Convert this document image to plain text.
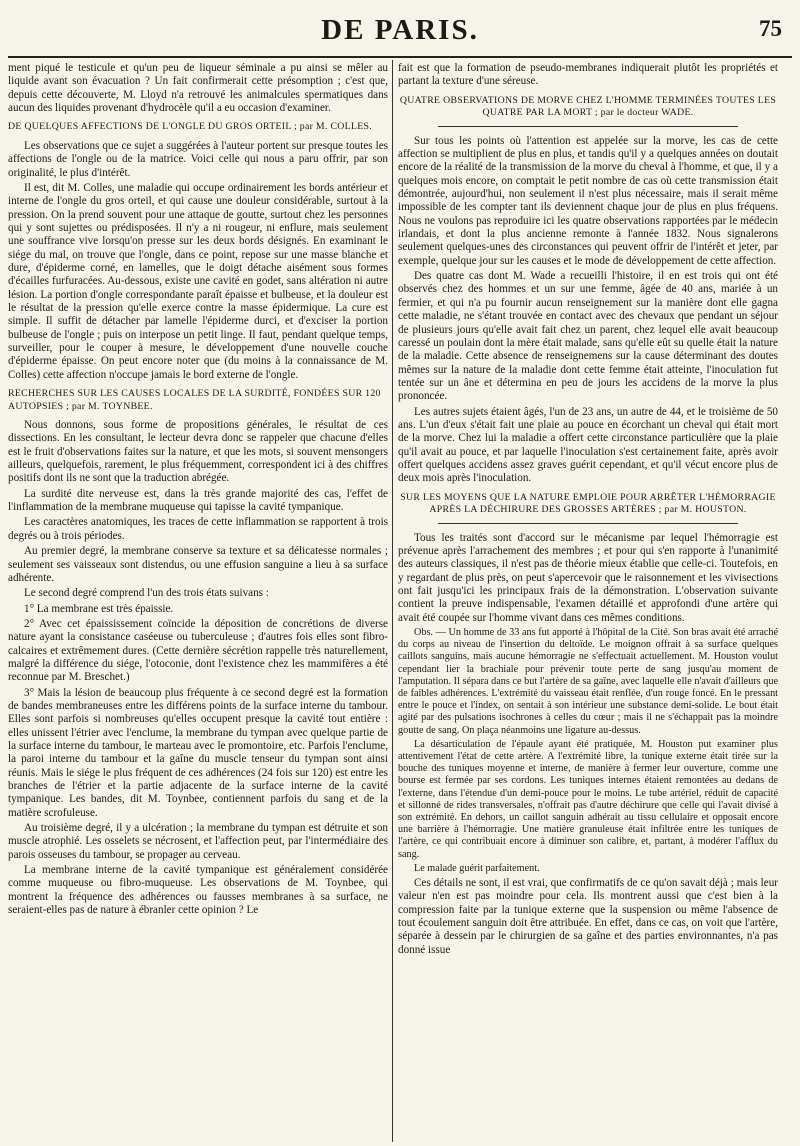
DE PARIS.	75

ment piqué le testicule et qu'un peu de liqueur séminale a pu ainsi se mêler au liquide avant son évacuation ? Un fait confirmerait cette présomption ; c'est que, depuis cette découverte, M. Lloyd n'a retrouvé les animalcules spermatiques dans aucun des liquides provenant d'hydrocèle qu'il a eu occasion d'examiner.

DE QUELQUES AFFECTIONS DE L'ONGLE DU GROS ORTEIL ; par M. COLLES.

Les observations que ce sujet a suggérées à l'auteur portent sur presque toutes les affections de l'ongle ou de la matrice. Voici celle qui nous a paru offrir, par son originalité, le plus d'intérêt.

Il est, dit M. Colles, une maladie qui occupe ordinairement les bords antérieur et interne de l'ongle du gros orteil, et qui cause une douleur considérable, surtout à la pression. On la prend souvent pour une attaque de goutte, surtout chez les personnes qui y sont sujettes ou prédisposées. Il n'y a ni rougeur, ni enflure, mais seulement une souffrance vive lorsqu'on presse sur les deux bords désignés. En examinant le siége du mal, on trouve que l'ongle, dans ce point, repose sur une masse blanche et dure, d'épiderme corné, en lamelles, que le doigt détache aisément sous formes d'écailles furfuracées. Au-dessous, existe une cavité en godet, sans altération ni autre lésion. La portion d'ongle correspondante paraît épaisse et bulbeuse, et la douleur est le résultat de la pression qu'elle exerce contre la masse épidermique. La cure est simple. Il suffit de détacher par lamelle l'épiderme durci, et d'exciser la portion bulbeuse de l'ongle ; puis on interpose un petit linge. Il faut, pendant quelque temps, surveiller, pour le couper à mesure, le développement d'une nouvelle couche d'épiderme épaisse. On peut encore noter que (du moins à la connaissance de M. Colles) cette affection n'occupe jamais le bord externe de l'ongle.

RECHERCHES SUR LES CAUSES LOCALES DE LA SURDITÉ, FONDÉES SUR 120 AUTOPSIES ; par M. TOYNBEE.

Nous donnons, sous forme de propositions générales, le résultat de ces dissections. En les consultant, le lecteur devra donc se rappeler que chacune d'elles est le fruit d'observations faites sur la nature, et que les mots, si souvent mensongers ailleurs, quelquefois, rarement, le plus fréquemment, correspondent ici à des chiffres positifs dont ils ne sont que la traduction abrégée.

La surdité dite nerveuse est, dans la très grande majorité des cas, l'effet de l'inflammation de la membrane muqueuse qui tapisse la cavité tympanique.

Les caractères anatomiques, les traces de cette inflammation se rapportent à trois degrés ou à trois périodes.

Au premier degré, la membrane conserve sa texture et sa délicatesse normales ; seulement ses vaisseaux sont distendus, ou une effusion sanguine a lieu à sa surface adhérente.

Le second degré comprend l'un des trois états suivans :

1° La membrane est très épaissie.

2° Avec cet épaississement coïncide la déposition de concrétions de diverse nature ayant la consistance caséeuse ou tuberculeuse ; d'autres fois elles sont fibro-calcaires et extrêmement dures. (Cette dernière sécrétion rappelle très naturellement, malgré la différence du siége, l'otoconie, dont l'existence chez les mammifères a été reconnue par M. Breschet.)

3° Mais la lésion de beaucoup plus fréquente à ce second degré est la formation de bandes membraneuses entre les différens points de la surface interne du tambour. Elles sont parfois si nombreuses qu'elles occupent presque la cavité tout entière : elles unissent l'étrier avec l'enclume, la membrane du tympan avec quelque partie de la surface interne du tambour, le marteau avec le promontoire, etc. Parfois l'enclume, la paroi interne du tambour et la gaîne du muscle tenseur du tympan sont ainsi réunis. Mais le siége le plus fréquent de ces adhérences (24 fois sur 120) est entre les branches de l'étrier et la partie adjacente de la surface interne de la cavité tympanique. Les bandes, dit M. Toynbee, contiennent parfois du sang et de la matière scrofuleuse.

Au troisième degré, il y a ulcération ; la membrane du tympan est détruite et son muscle atrophié. Les osselets se nécrosent, et l'affection peut, par l'intermédiaire des parois osseuses du tambour, se propager au cerveau.

La membrane interne de la cavité tympanique est généralement considérée comme muqueuse ou fibro-muqueuse. Les observations de M. Toynbee, qui montrent la fréquence des adhérences ou fausses membranes à sa surface, ne seraient-elles pas de nature à ébranler cette opinion ? Le

fait est que la formation de pseudo-membranes indiquerait plutôt les propriétés et partant la texture d'une séreuse.

QUATRE OBSERVATIONS DE MORVE CHEZ L'HOMME TERMINÉES TOUTES LES QUATRE PAR LA MORT ; par le docteur WADE.

Sur tous les points où l'attention est appelée sur la morve, les cas de cette affection se multiplient de plus en plus, et tandis qu'il y a quelques années on doutait encore de la réalité de la transmission de la morve du cheval à l'homme, et que, il y a quelques mois encore, on comptait le petit nombre de cas où cette transmission était démontrée, aujourd'hui, non seulement il n'est plus nécessaire, mais il serait même impossible de les compter tant ils deviennent chaque jour de plus en plus fréquens. Nous ne voulons pas reproduire ici les quatre observations rapportées par le médecin irlandais, et dont la plus ancienne remonte à l'année 1832. Nous signalerons seulement quelques-unes des circonstances qui peuvent offrir de l'intérêt et jeter, par exemple, quelque jour sur les causes et le mode de développement de cette affection.

Des quatre cas dont M. Wade a recueilli l'histoire, il en est trois qui ont été observés chez des hommes et un sur une femme, âgée de 40 ans, mariée à un fermier, et qui n'a pu fournir aucun renseignement sur la manière dont elle gagna cette maladie, ne s'étant trouvée en contact avec des chevaux que pendant un séjour de plusieurs jours qu'elle avait fait chez un parent, chez lequel elle avait beaucoup caressé un poulain dont la mère était malade, sans qu'elle eût su quelle était la nature de la maladie. Cette absence de renseignemens sur la cause déterminant des doutes mêmes sur la nature de la maladie dont cette femme était atteinte, l'inoculation fut tentée sur un âne et détermina en peu de jours les accidens de la morve la plus prononcée.

Les autres sujets étaient âgés, l'un de 23 ans, un autre de 44, et le troisième de 50 ans. L'un d'eux s'était fait une plaie au pouce en écorchant un cheval qui était mort de la morve. Chez lui la maladie a offert cette circonstance particulière que la plaie qu'il avait au pouce, et par laquelle l'inoculation s'est certainement faite, après avoir offert quelques accidens assez graves guérit cependant, et qu'il vécut encore plus de deux mois après l'inoculation.

SUR LES MOYENS QUE LA NATURE EMPLOIE POUR ARRÊTER L'HÉMORRAGIE APRÈS LA DÉCHIRURE DES GROSSES ARTÈRES ; par M. HOUSTON.

Tous les traités sont d'accord sur le mécanisme par lequel l'hémorragie est prévenue après l'arrachement des membres ; et pour qui s'en rapporte à l'unanimité des auteurs classiques, il n'est pas de théorie mieux établie que celle-ci. Toutefois, en y regardant de plus près, on peut s'apercevoir que le raisonnement et les vivisections ont fait jusqu'ici les principaux frais de la démonstration. L'observation suivante contient la preuve indispensable, l'examen détaillé et approfondi d'une artère qui avait été coupée sur l'homme vivant dans ces mêmes conditions.

Obs. — Un homme de 33 ans fut apporté à l'hôpital de la Cité. Son bras avait été arraché du corps au niveau de l'insertion du deltoïde. Le moignon offrait à sa surface quelques caillots sanguins, mais aucune hémorragie ne s'effectuait actuellement. M. Houston voulut cependant lier la brachiale pour prévenir toute perte de sang jusqu'au moment de l'amputation. Il sépara dans ce but l'artère de sa gaîne, avec laquelle elle n'avait d'ailleurs que de faibles adhérences. L'extrémité du vaisseau était renflée, d'un rouge foncé. En le pressant entre le pouce et l'index, on sentait à son intérieur une substance demi-solide. Le bout était agité par des pulsations isochrones à celles du cœur ; mais il ne s'échappait pas la moindre goutte de sang. On plaça néanmoins une ligature au-dessus.

La désarticulation de l'épaule ayant été pratiquée, M. Houston put examiner plus attentivement l'état de cette artère. A l'extrémité libre, la tunique externe était tirée sur la bouche des tuniques moyenne et interne, de manière à fermer leur ouverture, comme une bourse est fermée par ses cordons. Les tuniques internes étaient remontées au dedans de l'externe, dans l'étendue d'un demi-pouce pour le moins. Le tube artériel, réduit de capacité et sillonné de rides transversales, n'offrait pas d'autre déchirure que celle qui l'avait divisé à son extrémité. En dehors, un caillot sanguin adhérait au tissu cellulaire et opposait encore une barrière à l'hémorragie. Une matière granuleuse était infiltrée entre les tuniques de l'artère, ce qui contribuait encore à diminuer son calibre, et, partant, à modérer l'afflux du sang.

Le malade guérit parfaitement.

Ces détails ne sont, il est vrai, que confirmatifs de ce qu'on savait déjà ; mais leur valeur n'en est pas moindre pour cela. Ils montrent aussi que c'est bien à la compression faite par la tunique externe que la suspension ou même l'absence de tout écoulement sanguin doit être attribuée. En effet, dans ce cas, on voit que l'artère, séparée à dessein par le chirurgien de sa gaîne et des parties environnantes, n'a pas donné issue
